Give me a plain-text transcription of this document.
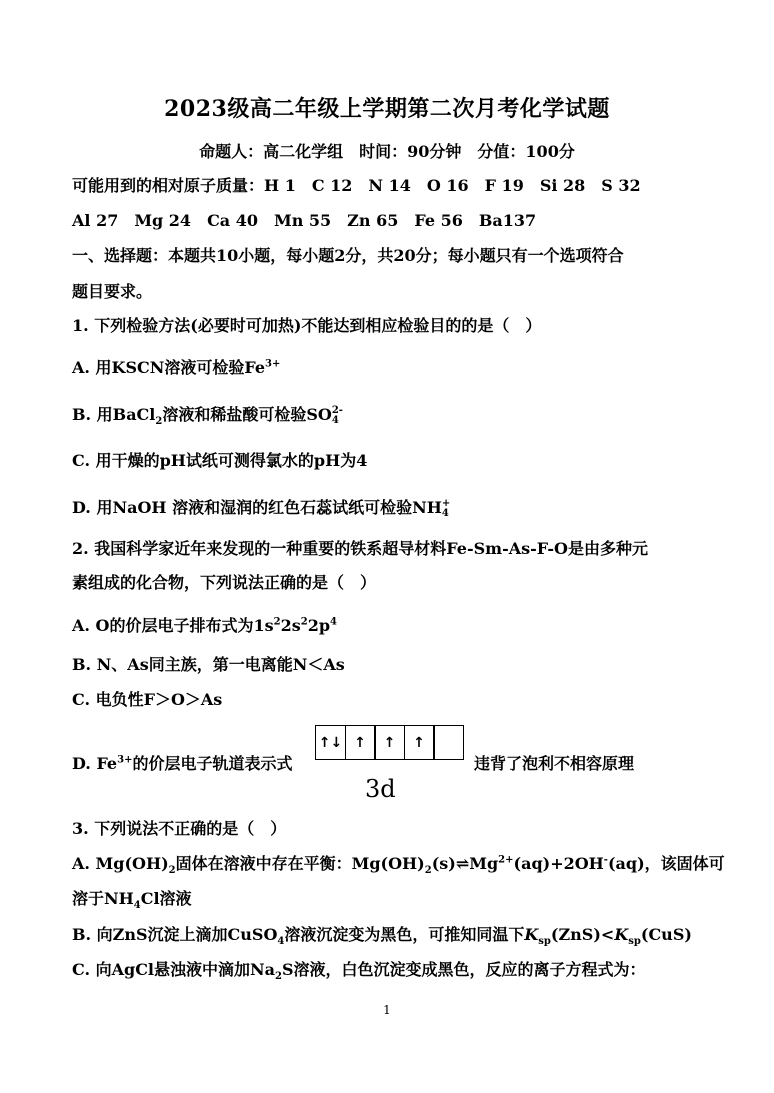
2023级高二年级上学期第二次月考化学试题
命题人：高二化学组　时间：90分钟　分值：100分
可能用到的相对原子质量：H 1　C 12　N 14　O 16　F 19　Si 28　S 32
Al 27　Mg 24　Ca 40　Mn 55　Zn 65　Fe 56　Ba137
一、选择题：本题共10小题，每小题2分，共20分；每小题只有一个选项符合
题目要求。
1. 下列检验方法(必要时可加热)不能达到相应检验目的的是（　）
A. 用KSCN溶液可检验$Fe^{3+}$
B. 用BaCl$_2$溶液和稀盐酸可检验SO 2-
4
C. 用干燥的pH试纸可测得氯水的pH为4
D. 用NaOH 溶液和湿润的红色石蕊试纸可检验NH +
4
2. 我国科学家近年来发现的一种重要的铁系超导材料Fe-Sm-As-F-O是由多种元
素组成的化合物，下列说法正确的是（　）
A. O的价层电子排布式为$1s^22s^22p^4$
B. N、As同主族，第一电离能N＜As
C. 电负性F＞O＞As
D. $Fe^{3+}$的价层电子轨道表示式
↑↓ ↑	↑	↑
3d
违背了泡利不相容原理
3. 下列说法不正确的是（　）
A. $Mg(OH)_2$固体在溶液中存在平衡：$Mg(OH)_2(s)\rightleftharpoons Mg^{2+}(aq)+2OH^-(aq)$，该固体可
溶于$NH_4Cl$溶液
B. 向ZnS沉淀上滴加CuSO$_4$溶液沉淀变为黑色，可推知同温下$K_{sp}(ZnS)<K_{sp}(CuS)$
C. 向AgCl悬浊液中滴加$Na_2S$溶液，白色沉淀变成黑色，反应的离子方程式为：
1
